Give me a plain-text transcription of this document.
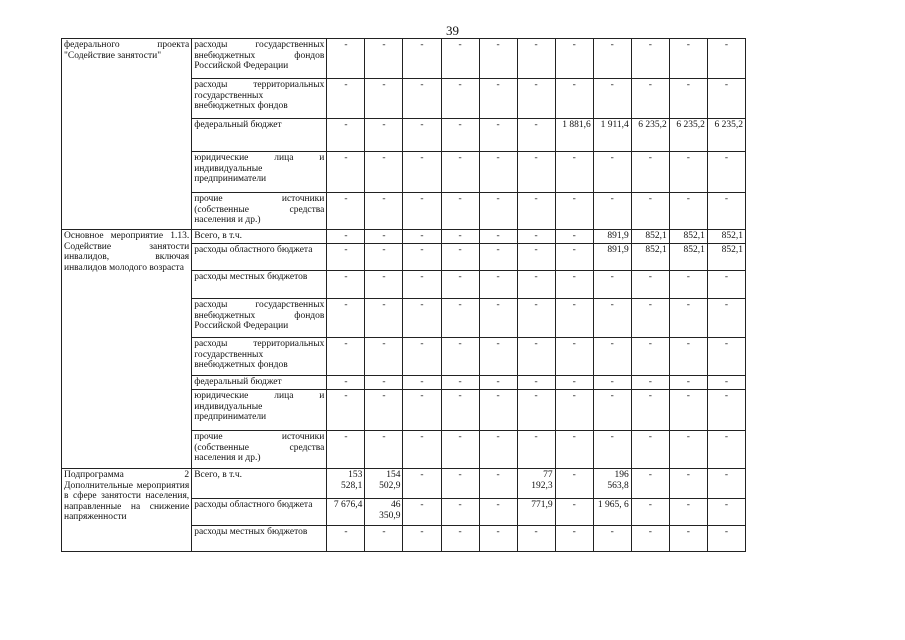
39
федерального проекта "Содействие занятости"	расходы государственных внебюджетных фондов Российской Федерации	-	-	-	-	-	-	-	-	-	-	-
	расходы территориальных государственных внебюджетных фондов	-	-	-	-	-	-	-	-	-	-	-
	федеральный бюджет	-	-	-	-	-	-	1 881,6	1 911,4	6 235,2	6 235,2	6 235,2
	юридические лица и индивидуальные предприниматели	-	-	-	-	-	-	-	-	-	-	-
	прочие источники (собственные средства населения и др.)	-	-	-	-	-	-	-	-	-	-	-
Основное мероприятие 1.13. Содействие занятости инвалидов, включая инвалидов молодого возраста	Всего, в т.ч.	-	-	-	-	-	-	-	891,9	852,1	852,1	852,1
	расходы областного бюджета	-	-	-	-	-	-	-	891,9	852,1	852,1	852,1
	расходы местных бюджетов	-	-	-	-	-	-	-	-	-	-	-
	расходы государственных внебюджетных фондов Российской Федерации	-	-	-	-	-	-	-	-	-	-	-
	расходы территориальных государственных внебюджетных фондов	-	-	-	-	-	-	-	-	-	-	-
	федеральный бюджет	-	-	-	-	-	-	-	-	-	-	-
	юридические лица и индивидуальные предприниматели	-	-	-	-	-	-	-	-	-	-	-
	прочие источники (собственные средства населения и др.)	-	-	-	-	-	-	-	-	-	-	-
Подпрограмма 2 Дополнительные мероприятия в сфере занятости населения, направленные на снижение напряженности	Всего, в т.ч.	153 528,1	154 502,9	-	-	-	77 192,3	-	196 563,8	-	-	-
	расходы областного бюджета	7 676,4	46 350,9	-	-	-	771,9	-	1 965, 6	-	-	-
	расходы местных бюджетов	-	-	-	-	-	-	-	-	-	-	-
